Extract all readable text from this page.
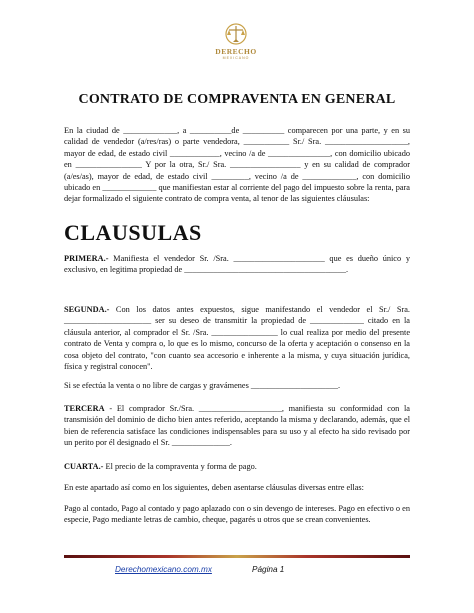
DERECHO
MEXICANO
CONTRATO DE COMPRAVENTA EN GENERAL
En la ciudad de _____________, a __________de __________ comparecen por una parte, y en su calidad de vendedor (a/res/ras) o parte vendedora, ___________ Sr./ Sra. ____________________, mayor de edad, de estado civil ____________, vecino /a de _______________, con domicilio ubicado en ________________ Y por la otra, Sr./ Sra. _________________ y en su calidad de comprador (a/es/as), mayor de edad, de estado civil _________, vecino /a de _____________, con domicilio ubicado en _____________ que manifiestan estar al corriente del pago del impuesto sobre la renta, para dejar formalizado el siguiente contrato de compra venta, al tenor de las siguientes cláusulas:
CLAUSULAS
PRIMERA.- Manifiesta el vendedor Sr. /Sra. ______________________ que es dueño único y exclusivo, en legitima propiedad de _______________________________________.
SEGUNDA.- Con los datos antes expuestos, sigue manifestando el vendedor el Sr./ Sra. _____________________ ser su deseo de transmitir la propiedad de _____________ citado en la cláusula anterior, al comprador el Sr. /Sra. ________________ lo cual realiza por medio del presente contrato de Venta y compra o, lo que es lo mismo, concurso de la oferta y aceptación o consenso en la cosa objeto del contrato, "con cuanto sea accesorio e inherente a la misma, y cuya situación jurídica, física y registral conocen".
Si se efectúa la venta o no libre de cargas y gravámenes _____________________.
TERCERA - El comprador Sr./Sra. ____________________, manifiesta su conformidad con la transmisión del dominio de dicho bien antes referido, aceptando la misma y declarando, además, que el bien de referencia satisface las condiciones indispensables para su uso y al efecto ha sido revisado por un perito por él designado el Sr. ______________.
CUARTA.- El precio de la compraventa y forma de pago.
En este apartado así como en los siguientes, deben asentarse cláusulas diversas entre ellas:
Pago al contado, Pago al contado y pago aplazado con o sin devengo de intereses. Pago en efectivo o en especie, Pago mediante letras de cambio, cheque, pagarés u otros que se crean convenientes.
Derechomexicano.com.mx	Página 1
